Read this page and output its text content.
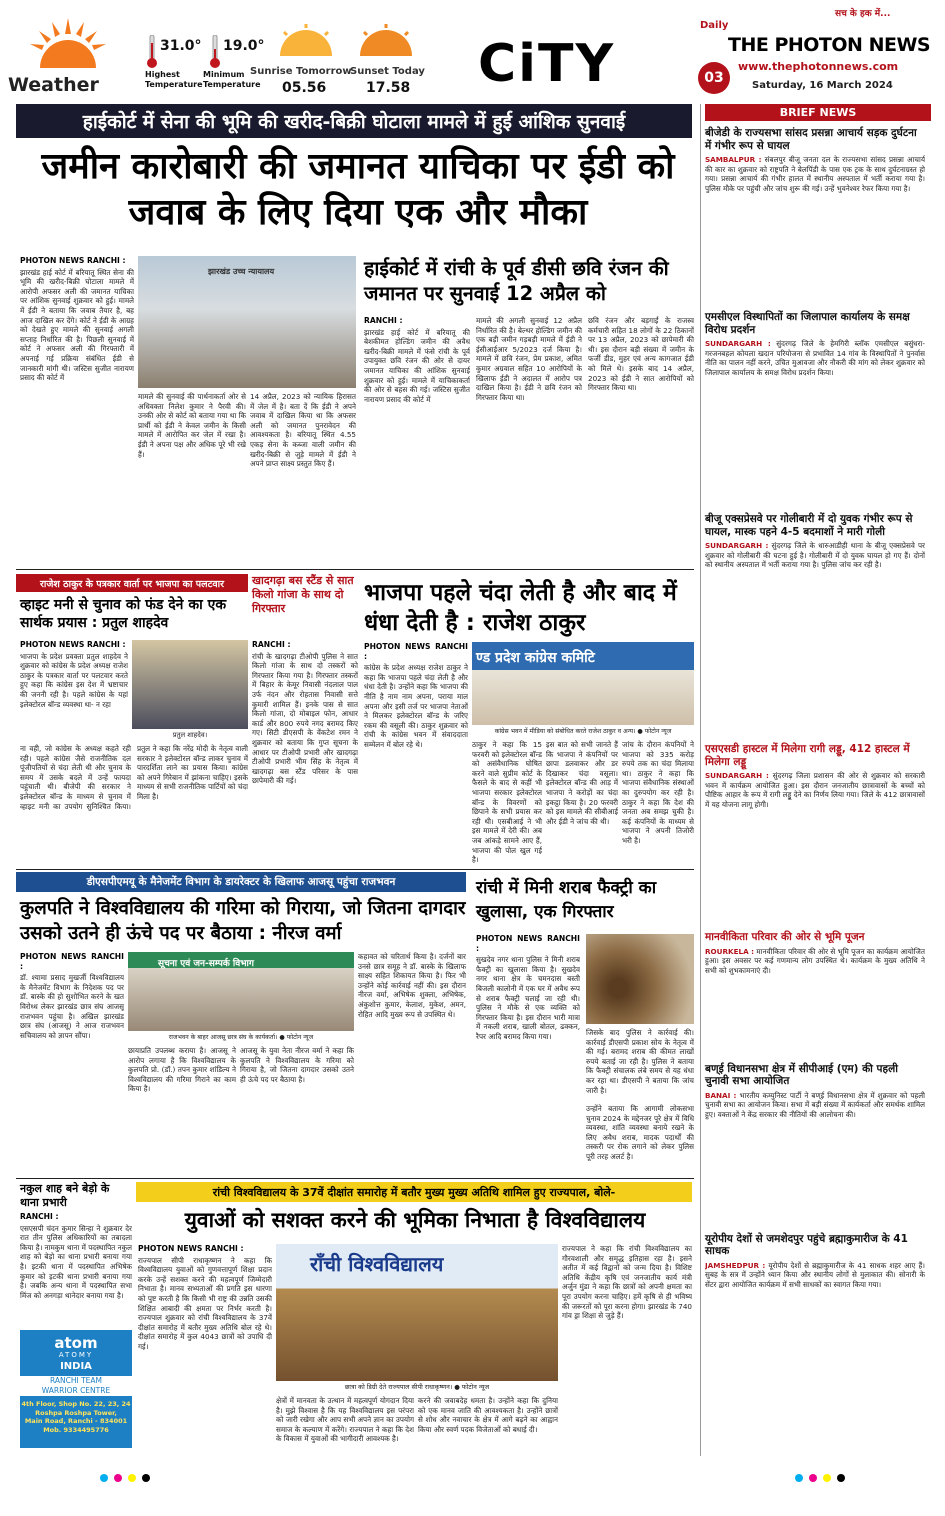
Weather
31.0°
Highest
Temperature
19.0°
Minimum
Temperature
Sunrise Tomorrow
05.56
Sunset Today
17.58 CiTY
सच के हक में...
Daily
THE PHOTON NEWS
03
www.thephotonnews.com
Saturday, 16 March 2024
हाईकोर्ट में सेना की भूमि की खरीद-बिक्री घोटाला मामले में हुई आंशिक सुनवाई
जमीन कारोबारी की जमानत याचिका पर ईडी को जवाब के लिए दिया एक और मौका
PHOTON NEWS RANCHI :
झारखंड हाई कोर्ट में बरियातू स्थित सेना की भूमि की खरीद-बिक्री घोटाला मामले में आरोपी अफसर अली की जमानत याचिका पर आंशिक सुनवाई शुक्रवार को हुई। मामले में ईडी ने बताया कि जवाब तैयार है, बह आज दाखिल कर देंगे। कोर्ट ने ईडी के आग्रह को देखते हुए मामले की सुनवाई अगली सप्ताह निर्धारित की है। पिछली सुनवाई में कोर्ट ने अफसर अली की गिरफ्तारी में अपनाई गई प्रक्रिया संबंधित ईडी से जानकारी मांगी थी। जस्टिस सुजीत नारायण प्रसाद की कोर्ट में
झारखंड उच्च न्यायालय
मामले की सुनवाई की पार्थनाकर्ता ओर से अधिवक्ता निलेश कुमार ने पैरवी की। उनकी ओर से कोर्ट को बताया गया था कि प्रार्थी को ईडी ने केवल जमीन के किसी मामले में आरोपित कर जेल में रखा है। ईडी ने अपना पक्ष और अधिक पूरे भी रखे हैं।
14 अप्रैल, 2023 को न्यायिक हिरासत में जेल में है। बता दें कि ईडी ने अपने जवाब में दाखिल किया था कि अफसर अली को जमानत पुनरावेदन की आवश्यकता है। बरियातू स्थित 4.55 एकड़ सेना के कब्जा वाली जमीन की खरीद-बिक्री से जुड़े मामले में ईडी ने अपने प्राप्त साक्ष्य प्रस्तुत किए हैं।
हाईकोर्ट में रांची के पूर्व डीसी छवि रंजन की जमानत पर सुनवाई 12 अप्रैल को
RANCHI :
झारखंड हाई कोर्ट में बरियातू की बेशकीमत होल्डिंग जमीन की अवैध खरीद-बिक्री मामले में फंसे रांची के पूर्व उपायुक्त छवि रंजन की ओर से दायर जमानत याचिका की आंशिक सुनवाई शुक्रवार को हुई। मामले में याचिकाकर्ता की ओर से बहस की गई। जस्टिस सुजीत नारायण प्रसाद की कोर्ट में
मामले की अगली सुनवाई 12 अप्रैल निर्धारित की है। बेल्थर होल्डिंग जमीन की एक बड़ी जमीन गड़बड़ी मामले में ईडी ने ईसीआईआर 5/2023 दर्ज किया है। मामले में छवि रंजन, प्रेम प्रकाश, अमित कुमार अग्रवाल सहित 10 आरोपियों के खिलाफ ईडी ने अदालत में आरोप पत्र दाखिल किया है। ईडी ने छवि रंजन को गिरफ्तार किया था।
छवि रंजन और बड़गाईं के राजस्व कर्मचारी सहित 18 लोगों के 22 ठिकानों पर 13 अप्रैल, 2023 को छापेमारी की थी। इस दौरान बड़ी संख्या में जमीन के फर्जी डीड, मुहर एवं अन्य कागजात ईडी को मिले थे। इसके बाद 14 अप्रैल, 2023 को ईडी ने सात आरोपियों को गिरफ्तार किया था।
राजेश ठाकुर के पत्रकार वार्ता पर भाजपा का पलटवार
व्हाइट मनी से चुनाव को फंड देने का एक सार्थक प्रयास : प्रतुल शाहदेव
PHOTON NEWS RANCHI :
भाजपा के प्रदेश प्रवक्ता प्रतुल शाहदेव ने शुक्रवार को कांग्रेस के प्रदेश अध्यक्ष राजेश ठाकुर के पत्रकार वार्ता पर पलटवार करते हुए कहा कि कांग्रेस इस देश में भ्रष्टाचार की जननी रही है। पहले कांग्रेस के यहां इलेक्टोरल बॉन्ड व्यवस्था था- न रहा
प्रतुल शाहदेव।
ना वही, जो कांग्रेस के अध्यक्ष कहते रही रही। पहले कांग्रेस जैसे राजनीतिक दल पूंजीपतियों से चंदा लेती थी और चुनाव के समय में उसके बदले में उन्हें फायदा पहुंचाती थी। बीजेपी की सरकार ने इलेक्टोरल बॉन्ड के माध्यम से चुनाव में व्हाइट मनी का उपयोग सुनिश्चित किया। प्रतुल ने कहा कि नरेंद्र मोदी के नेतृत्व वाली सरकार ने इलेक्टोरल बॉन्ड लाकर चुनाव में पारदर्शिता लाने का प्रयास किया। कांग्रेस को अपने गिरेबान में झांकना चाहिए। इसके माध्यम से सभी राजनीतिक पार्टियों को चंदा मिला है।
खादगढ़ा बस स्टैंड से सात किलो गांजा के साथ दो गिरफ्तार
RANCHI :
रांची के खादगढ़ा टीओपी पुलिस ने सात किलो गांजा के साथ दो तस्करों को गिरफ्तार किया गया है। गिरफ्तार तस्करों में बिहार के केमूर निवासी नंदलाल पाल उर्फ नंदन और रोहतास निवासी सत्ते कुमारी शामिल हैं। इनके पास से सात किलो गांजा, दो मोबाइल फोन, आधार कार्ड और 800 रुपये नगद बरामद किए गए। सिटी डीएसपी के वेंकटेश रमन ने शुक्रवार को बताया कि गुप्त सूचना के आधार पर टीओपी प्रभारी और खादगढ़ा टीओपी प्रभारी भीम सिंह के नेतृत्व में खादगढ़ा बस स्टैंड परिसर के पास छापेमारी की गई।
भाजपा पहले चंदा लेती है और बाद में धंधा देती है : राजेश ठाकुर
PHOTON NEWS RANCHI :
कांग्रेस के प्रदेश अध्यक्ष राजेश ठाकुर ने कहा कि भाजपा पहले चंदा लेती है और धंधा देती है। उन्होंने कहा कि भाजपा की नीति है नाम नाम अपना, पराया माल अपना और इसी तर्ज पर भाजपा नेताओं ने मिलकर इलेक्टोरल बॉन्ड के जरिए रकम की वसूली की। ठाकुर शुक्रवार को रांची के कांग्रेस भवन में संवाददाता सम्मेलन में बोल रहे थे।
ण्ड प्रदेश कांग्रेस कमिटि
कांग्रेस भवन में मीडिया को संबोधित करते राजेश ठाकुर व अन्य। ● फोटोन न्यूज
ठाकुर ने कहा कि 15 फरवरी को इलेक्टोरल बॉन्ड को असंवैधानिक घोषित करने वाले सुप्रीम कोर्ट के फैसले के बाद से कहीं भी भाजपा सरकार इलेक्टोरल बॉन्ड के विवरणों को छिपाने के सभी प्रयास कर रही थी। एसबीआई ने भी इस मामले में देरी की। अब जब आंकड़े सामने आए हैं, भाजपा की पोल खुल गई है।
इस बात को सभी जानते हैं कि भाजपा ने कंपनियों पर छापा डलवाकर और डर दिखाकर चंदा वसूला। इलेक्टोरल बॉन्ड की आड़ में भाजपा ने करोड़ों का चंदा इकट्ठा किया है। 20 फरवरी को इस मामले की सीबीआई और ईडी ने जांच की थी।
जांच के दौरान कंपनियों ने भाजपा को 335 करोड़ रुपये तक का चंदा मिलाया था। ठाकुर ने कहा कि भाजपा संवैधानिक संस्थाओं का दुरुपयोग कर रही है। ठाकुर ने कहा कि देश की जनता अब समझ चुकी है। कई कंपनियों के माध्यम से भाजपा ने अपनी तिजोरी भरी है।
डीएसपीएमयू के मैनेजमेंट विभाग के डायरेक्टर के खिलाफ आजसू पहुंचा राजभवन
कुलपति ने विश्वविद्यालय की गरिमा को गिराया, जो जितना दागदार उसको उतने ही ऊंचे पद पर बैठाया : नीरज वर्मा
PHOTON NEWS RANCHI :
डॉ. श्यामा प्रसाद मुखर्जी विश्वविद्यालय के मैनेजमेंट विभाग के निदेशक पद पर डॉ. बास्के की हो सुशोभित करने के खत विरोध्‍ध लेकर झारखंड छात्र संघ आजसू राजभवन पहुंचा है। अखिल झारखंड छात्र संघ (आजसू) ने आज राजभवन सचिवालय को ज्ञापन सौंपा।
सूचना एवं जन-सम्पर्क विभाग
राजभवन के बाहर आजसू छात्र संघ के कार्यकर्ता। ● फोटोन न्यूज
छायाप्रति उपलब्ध कराया है। आजसू ने आरोप लगाया है कि विश्वविद्यालय के कुलपति प्रो. (डॉ.) तपन कुमार शांडिल्य ने विश्वविद्यालय की गरिमा गिराने का काम किया है।
आजसू के युवा नेता नीरज वर्मा ने कहा कि कुलपति ने विश्वविद्यालय के गरिमा को गिराया है, जो जितना दागदार उसको उतने ही ऊंचे पद पर बैठाया है।
कहावत को चरितार्थ किया है। दर्जनों बार उनसे छात्र समूह ने डॉ. बास्के के खिलाफ साक्ष्य सहित शिकायत किया है। फिर भी उन्होंने कोई कार्रवाई नहीं की। इस दौरान नीरज वर्मा, अभिषेक शुक्ला, अभिषेक, अंकुशोत्त कुमार, केलाश, मुकेश, अमन, रोहित आदि मुख्य रूप से उपस्थित थे।
रांची में मिनी शराब फैक्ट्री का खुलासा, एक गिरफ्तार
PHOTON NEWS RANCHI :
सुखदेव नगर थाना पुलिस ने मिनी शराब फैक्ट्री का खुलासा किया है। सुखदेव नगर थाना क्षेत्र के चमनदास बस्ती बिजली कालोनी में एक घर में अवैध रूप से शराब फैक्ट्री चलाई जा रही थी। पुलिस ने मौके से एक व्यक्ति को गिरफ्तार किया है। इस दौरान भारी मात्रा में नकली शराब, खाली बोतल, ढक्कन, रैपर आदि बरामद किया गया।	जिसके बाद पुलिस ने कार्रवाई की। कार्रवाई डीएसपी प्रकाश सोय के नेतृत्व में की गई। बरामद शराब की कीमत लाखों रुपये बताई जा रही है। पुलिस ने बताया कि फैक्ट्री संचालक लंबे समय से यह धंधा कर रहा था। डीएसपी ने बताया कि जांच जारी है।
उन्होंने बताया कि आगामी लोकसभा चुनाव 2024 के मद्देनजर पूरे क्षेत्र में विधि व्यवस्था, शांति व्यवस्था बनाये रखने के लिए अवैध शराब, मादक पदार्थों की तस्करी पर रोक लगाने को लेकर पुलिस पूरी तरह अलर्ट है।
नकुल शाह बने बेड़ो के थाना प्रभारी
RANCHI :
एसएसपी चंदन कुमार सिन्हा ने शुक्रवार देर रात तीन पुलिस अधिकारियों का तबादला किया है। नामकुम थाना में पदस्थापित नकुल शाह को बेड़ो का थाना प्रभारी बनाया गया है। इटकी थाना में पदस्थापित अभिषेक कुमार को इटकी थाना प्रभारी बनाया गया है। जबकि अन्य थाना में पदस्थापित सभा मिंज को अनगड़ा थानेदार बनाया गया है।
atom
ATOMY
INDIA
RANCHI TEAM
WARRIOR CENTRE
4th Floor, Shop No. 22, 23, 24
Roshpa Roshpa Tower,
Main Road, Ranchi - 834001
Mob. 9334495776
रांची विश्वविद्यालय के 37वें दीक्षांत समारोह में बतौर मुख्य मुख्य अतिथि शामिल हुए राज्यपाल, बोले-
युवाओं को सशक्त करने की भूमिका निभाता है विश्वविद्यालय
PHOTON NEWS RANCHI :
राज्यपाल सीपी राधाकृष्णन ने कहा कि विश्वविद्यालय युवाओं को गुणवत्तापूर्ण शिक्षा प्रदान करके उन्हें सशक्त करने की महत्वपूर्ण जिम्मेदारी निभाता है। मानव सभ्यताओं की प्रगति इस धारणा को पुष्ट करती है कि किसी भी राष्ट्र की उन्नति उसकी शिक्षित आबादी की क्षमता पर निर्भर करती है। राज्यपाल शुक्रवार को रांची विश्वविद्यालय के 37वें दीक्षांत समारोह में बतौर मुख्य अतिथि बोल रहे थे। दीक्षांत समारोह में कुल 4043 छात्रों को उपाधि दी गई।
राँची विश्वविद्यालय
छात्रा को डिग्री देते राज्यपाल सीपी राधाकृष्णन। ● फोटोन न्यूज
क्षेत्रों में मानवता के उत्थान में महत्वपूर्ण योगदान दिया है। मुझे विश्वास है कि यह विश्वविद्यालय इस परंपरा को जारी रखेगा और आप सभी अपने ज्ञान का उपयोग समाज के कल्याण में करेंगे। राज्यपाल ने कहा कि देश के विकास में युवाओं की भागीदारी आवश्यक है।
करने की जवाबदेह धमता है। उन्होंने कहा कि दुनिया को एक मानव जाति की आवश्यकता है। उन्होंने छात्रों से शोध और नवाचार के क्षेत्र में आगे बढ़ने का आह्वान किया और स्वर्ण पदक विजेताओं को बधाई दी।
राज्यपाल ने कहा कि रांची विश्वविद्यालय का गौरवशाली और समृद्ध इतिहास रहा है। इसने अतीत में कई विद्वानों को जन्म दिया है। विशिष्ट अतिथि केंद्रीय कृषि एवं जनजातीय कार्य मंत्री अर्जुन मुंडा ने कहा कि छात्रों को अपनी क्षमता का पूरा उपयोग करना चाहिए। हमें कृषि से ही भविष्य की जरूरतों को पूरा करना होगा। झारखंड के 740 गांव ड्रा शिक्षा से जुड़े हैं।
BRIEF NEWS
बीजेडी के राज्यसभा सांसद प्रसन्ना आचार्य सड़क दुर्घटना में गंभीर रूप से घायल
SAMBALPUR : संबलपुर बीजू जनता दल के राज्यसभा सांसद प्रसन्ना आचार्य की कार का शुक्रवार को राष्ट्रपति ने बेलपिंडी के पास एक ट्रक के साथ दुर्घटनाग्रस्त हो गया। प्रसन्ना आचार्य की गंभीर हालत में स्थानीय अस्पताल में भर्ती कराया गया है। पुलिस मौके पर पहुंची और जांच शुरू की गई। उन्हें भुवनेश्वर रेफर किया गया है।
एमसीएल विस्थापितों का जिलापाल कार्यालय के समक्ष विरोध प्रदर्शन
SUNDARGARH : सुंदरगढ़ जिले के हेमगिरी ब्लॉक एमसीएल बसुंधरा-गरजनबहल कोयला खदान परियोजना से प्रभावित 14 गांव के विस्थापितों ने पुनर्वास नीति का पालन नहीं करने, उचित मुआवजा और नौकरी की मांग को लेकर शुक्रवार को जिलापाल कार्यालय के समक्ष विरोध प्रदर्शन किया।
बीजू एक्सप्रेसवे पर गोलीबारी में दो युवक गंभीर रूप से घायल, मास्क पहने 4-5 बदमाशों ने मारी गोली
SUNDARGARH : सुंदरगढ़ जिले के धारुआडीही थाना के बीजू एक्सप्रेसवे पर शुक्रवार को गोलीबारी की घटना हुई है। गोलीबारी में दो युवक घायल हो गए हैं। दोनों को स्थानीय अस्पताल में भर्ती कराया गया है। पुलिस जांच कर रही है।
एसएसडी हास्टल में मिलेगा रागी लड्डू, 412 हास्टल में मिलेगा लड्डू
SUNDARGARH : सुंदरगढ़ जिला प्रशासन की ओर से शुक्रवार को सरकारी भवन में कार्यक्रम आयोजित हुआ। इस दौरान जनजातीय छात्रावासों के बच्चों को पौष्टिक आहार के रूप में रागी लड्डू देने का निर्णय लिया गया। जिले के 412 छात्रावासों में यह योजना लागू होगी।
मानवीकिता परिवार की ओर से भूमि पूजन
ROURKELA : मानवीकिता परिवार की ओर से भूमि पूजन का कार्यक्रम आयोजित हुआ। इस अवसर पर कई गणमान्य लोग उपस्थित थे। कार्यक्रम के मुख्य अतिथि ने सभी को शुभकामनाएं दी।
बण्ई विधानसभा क्षेत्र में सीपीआई (एम) की पहली चुनावी सभा आयोजित
BANAI : भारतीय कम्युनिस्ट पार्टी ने बण्ई विधानसभा क्षेत्र में शुक्रवार को पहली चुनावी सभा का आयोजन किया। सभा में बड़ी संख्या में कार्यकर्ता और समर्थक शामिल हुए। वक्ताओं ने केंद्र सरकार की नीतियों की आलोचना की।
यूरोपीय देशों से जमशेदपुर पहुंचे ब्रह्माकुमारीज के 41 साधक
JAMSHEDPUR : यूरोपीय देशों से ब्रह्माकुमारीज के 41 साधक शहर आए हैं। सुबह के सत्र में उन्होंने ध्यान किया और स्थानीय लोगों से मुलाकात की। सोनारी के सेंटर द्वारा आयोजित कार्यक्रम में सभी साधकों का स्वागत किया गया।
